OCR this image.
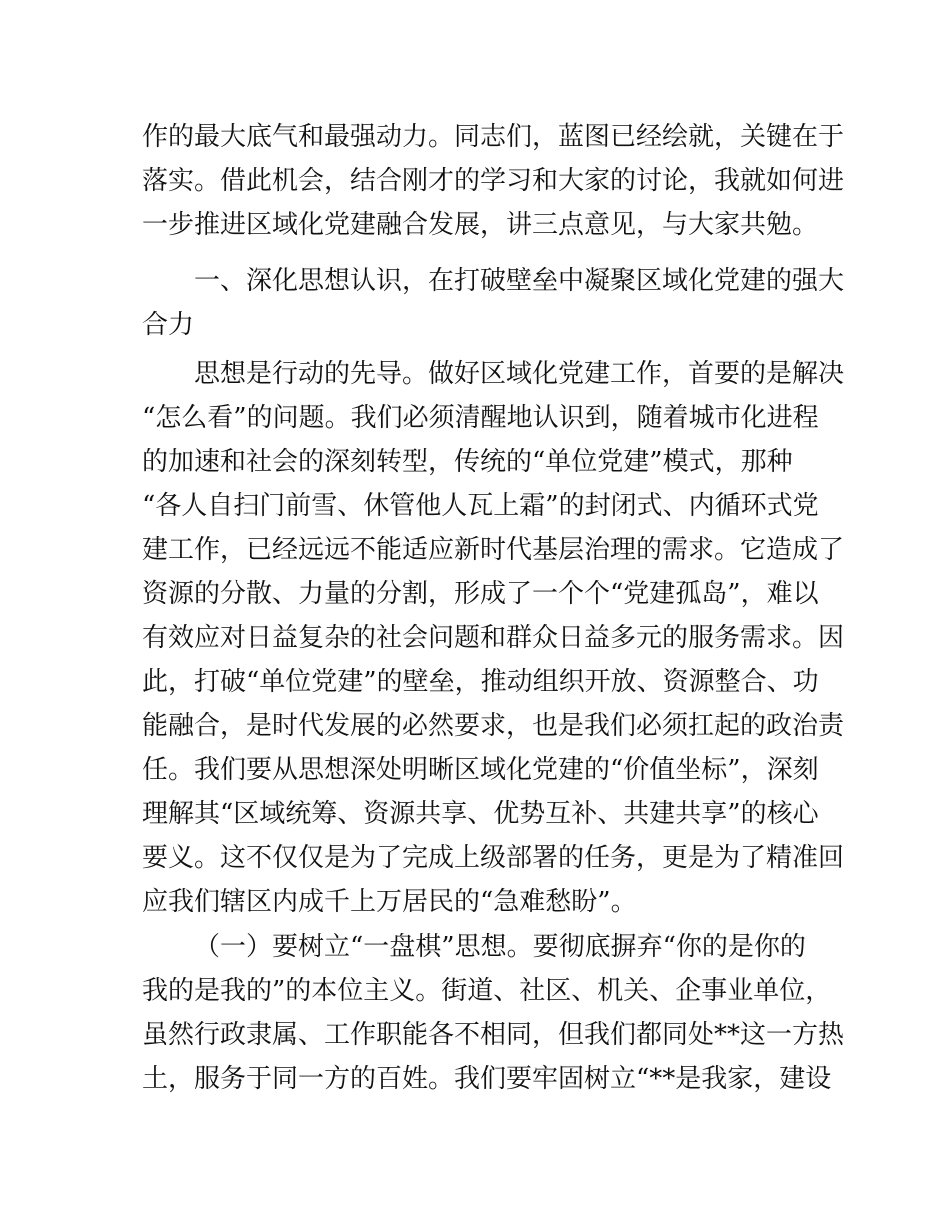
作的最大底气和最强动力。同志们，蓝图已经绘就，关键在于
落实。借此机会，结合刚才的学习和大家的讨论，我就如何进
一步推进区域化党建融合发展，讲三点意见，与大家共勉。
一、深化思想认识，在打破壁垒中凝聚区域化党建的强大
合力
思想是行动的先导。做好区域化党建工作，首要的是解决
“怎么看”的问题。我们必须清醒地认识到，随着城市化进程
的加速和社会的深刻转型，传统的“单位党建”模式，那种
“各人自扫门前雪、休管他人瓦上霜”的封闭式、内循环式党
建工作，已经远远不能适应新时代基层治理的需求。它造成了
资源的分散、力量的分割，形成了一个个“党建孤岛”，难以
有效应对日益复杂的社会问题和群众日益多元的服务需求。因
此，打破“单位党建”的壁垒，推动组织开放、资源整合、功
能融合，是时代发展的必然要求，也是我们必须扛起的政治责
任。我们要从思想深处明晰区域化党建的“价值坐标”，深刻
理解其“区域统筹、资源共享、优势互补、共建共享”的核心
要义。这不仅仅是为了完成上级部署的任务，更是为了精准回
应我们辖区内成千上万居民的“急难愁盼”。
（一）要树立“一盘棋”思想。要彻底摒弃“你的是你的
我的是我的”的本位主义。街道、社区、机关、企事业单位，
虽然行政隶属、工作职能各不相同，但我们都同处**这一方热
土，服务于同一方的百姓。我们要牢固树立“**是我家，建设
